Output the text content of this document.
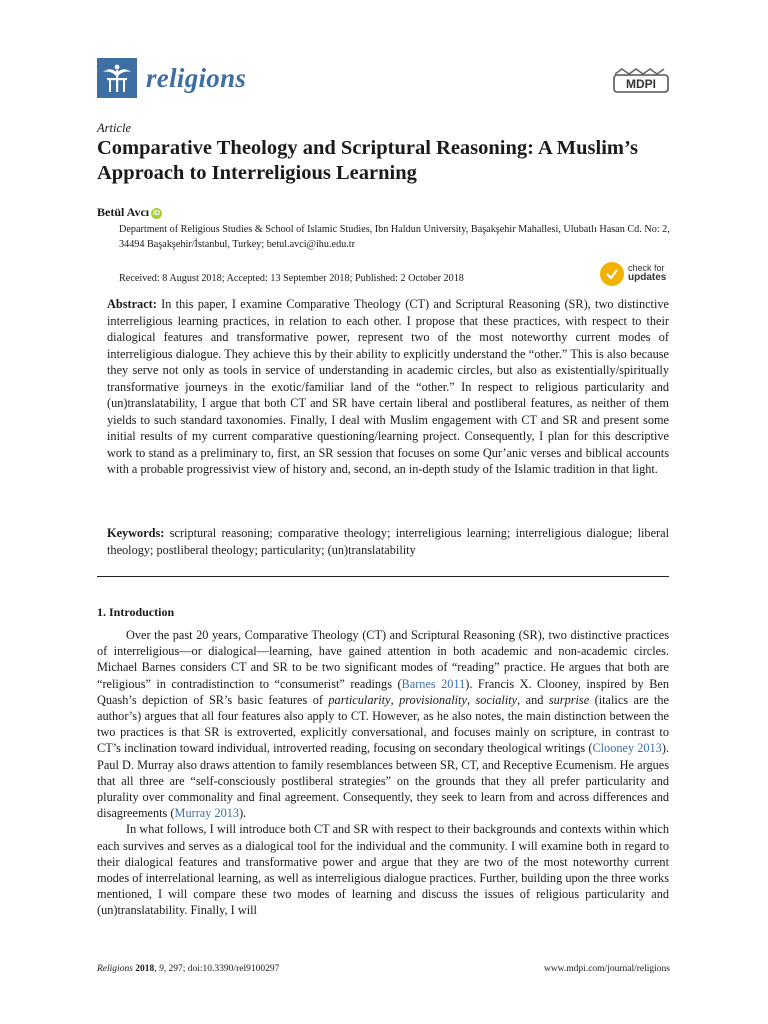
religions	MDPI
Article
Comparative Theology and Scriptural Reasoning: A Muslim’s Approach to Interreligious Learning
Betül Avcı iD
Department of Religious Studies & School of Islamic Studies, Ibn Haldun University, Başakşehir Mahallesi, Ulubatlı Hasan Cd. No: 2, 34494 Başakşehir/İstanbul, Turkey; betul.avci@ihu.edu.tr
Received: 8 August 2018; Accepted: 13 September 2018; Published: 2 October 2018
check for
updates
Abstract: In this paper, I examine Comparative Theology (CT) and Scriptural Reasoning (SR), two distinctive interreligious learning practices, in relation to each other. I propose that these practices, with respect to their dialogical features and transformative power, represent two of the most noteworthy current modes of interreligious dialogue. They achieve this by their ability to explicitly understand the “other.” This is also because they serve not only as tools in service of understanding in academic circles, but also as existentially/spiritually transformative journeys in the exotic/familiar land of the “other.” In respect to religious particularity and (un)translatability, I argue that both CT and SR have certain liberal and postliberal features, as neither of them yields to such standard taxonomies. Finally, I deal with Muslim engagement with CT and SR and present some initial results of my current comparative questioning/learning project. Consequently, I plan for this descriptive work to stand as a preliminary to, first, an SR session that focuses on some Qur’anic verses and biblical accounts with a probable progressivist view of history and, second, an in-depth study of the Islamic tradition in that light.
Keywords: scriptural reasoning; comparative theology; interreligious learning; interreligious dialogue; liberal theology; postliberal theology; particularity; (un)translatability
1. Introduction

Over the past 20 years, Comparative Theology (CT) and Scriptural Reasoning (SR), two distinctive practices of interreligious—or dialogical—learning, have gained attention in both academic and non-academic circles. Michael Barnes considers CT and SR to be two significant modes of “reading” practice. He argues that both are “religious” in contradistinction to “consumerist” readings (Barnes 2011). Francis X. Clooney, inspired by Ben Quash’s depiction of SR’s basic features of particularity, provisionality, sociality, and surprise (italics are the author’s) argues that all four features also apply to CT. However, as he also notes, the main distinction between the two practices is that SR is extroverted, explicitly conversational, and focuses mainly on scripture, in contrast to CT’s inclination toward individual, introverted reading, focusing on secondary theological writings (Clooney 2013). Paul D. Murray also draws attention to family resemblances between SR, CT, and Receptive Ecumenism. He argues that all three are “self-consciously postliberal strategies” on the grounds that they all prefer particularity and plurality over commonality and final agreement. Consequently, they seek to learn from and across differences and disagreements (Murray 2013).

In what follows, I will introduce both CT and SR with respect to their backgrounds and contexts within which each survives and serves as a dialogical tool for the individual and the community. I will examine both in regard to their dialogical features and transformative power and argue that they are two of the most noteworthy current modes of interrelational learning, as well as interreligious dialogue practices. Further, building upon the three works mentioned, I will compare these two modes of learning and discuss the issues of religious particularity and (un)translatability. Finally, I will

Religions 2018, 9, 297; doi:10.3390/rel9100297	www.mdpi.com/journal/religions
